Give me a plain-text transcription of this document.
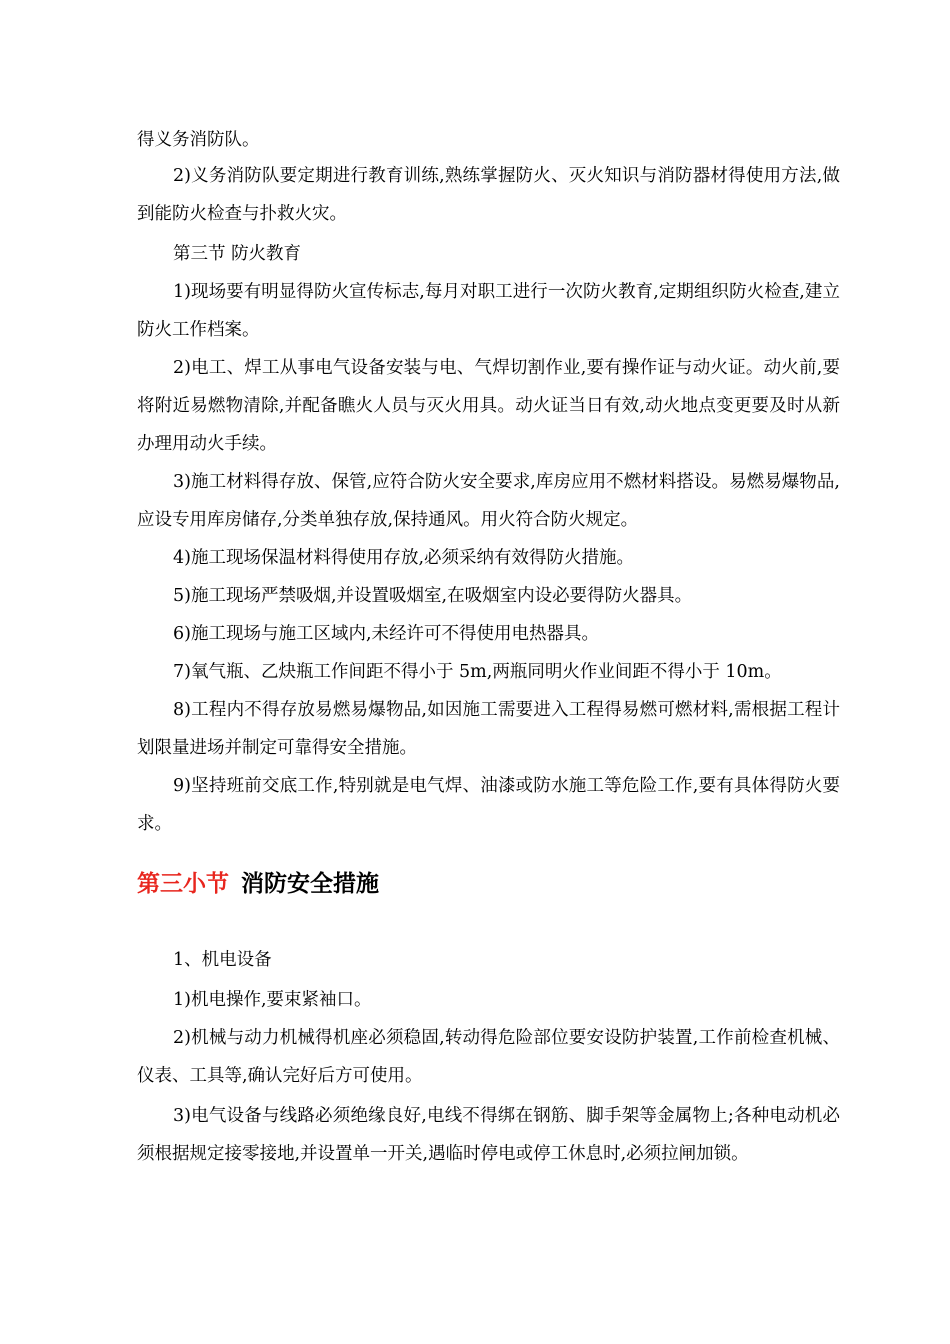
得义务消防队。

2)义务消防队要定期进行教育训练,熟练掌握防火、灭火知识与消防器材得使用方法,做到能防火检查与扑救火灾。

第三节 防火教育

1)现场要有明显得防火宣传标志,每月对职工进行一次防火教育,定期组织防火检查,建立防火工作档案。

2)电工、焊工从事电气设备安装与电、气焊切割作业,要有操作证与动火证。动火前,要将附近易燃物清除,并配备瞧火人员与灭火用具。动火证当日有效,动火地点变更要及时从新办理用动火手续。

3)施工材料得存放、保管,应符合防火安全要求,库房应用不燃材料搭设。易燃易爆物品,应设专用库房储存,分类单独存放,保持通风。用火符合防火规定。

4)施工现场保温材料得使用存放,必须采纳有效得防火措施。

5)施工现场严禁吸烟,并设置吸烟室,在吸烟室内设必要得防火器具。

6)施工现场与施工区域内,未经许可不得使用电热器具。

7)氧气瓶、乙炔瓶工作间距不得小于 5m,两瓶同明火作业间距不得小于 10m。

8)工程内不得存放易燃易爆物品,如因施工需要进入工程得易燃可燃材料,需根据工程计划限量进场并制定可靠得安全措施。

9)坚持班前交底工作,特别就是电气焊、油漆或防水施工等危险工作,要有具体得防火要求。

第三小节 消防安全措施

1、机电设备

1)机电操作,要束紧袖口。

2)机械与动力机械得机座必须稳固,转动得危险部位要安设防护装置,工作前检查机械、仪表、工具等,确认完好后方可使用。

3)电气设备与线路必须绝缘良好,电线不得绑在钢筋、脚手架等金属物上;各种电动机必须根据规定接零接地,并设置单一开关,遇临时停电或停工休息时,必须拉闸加锁。
